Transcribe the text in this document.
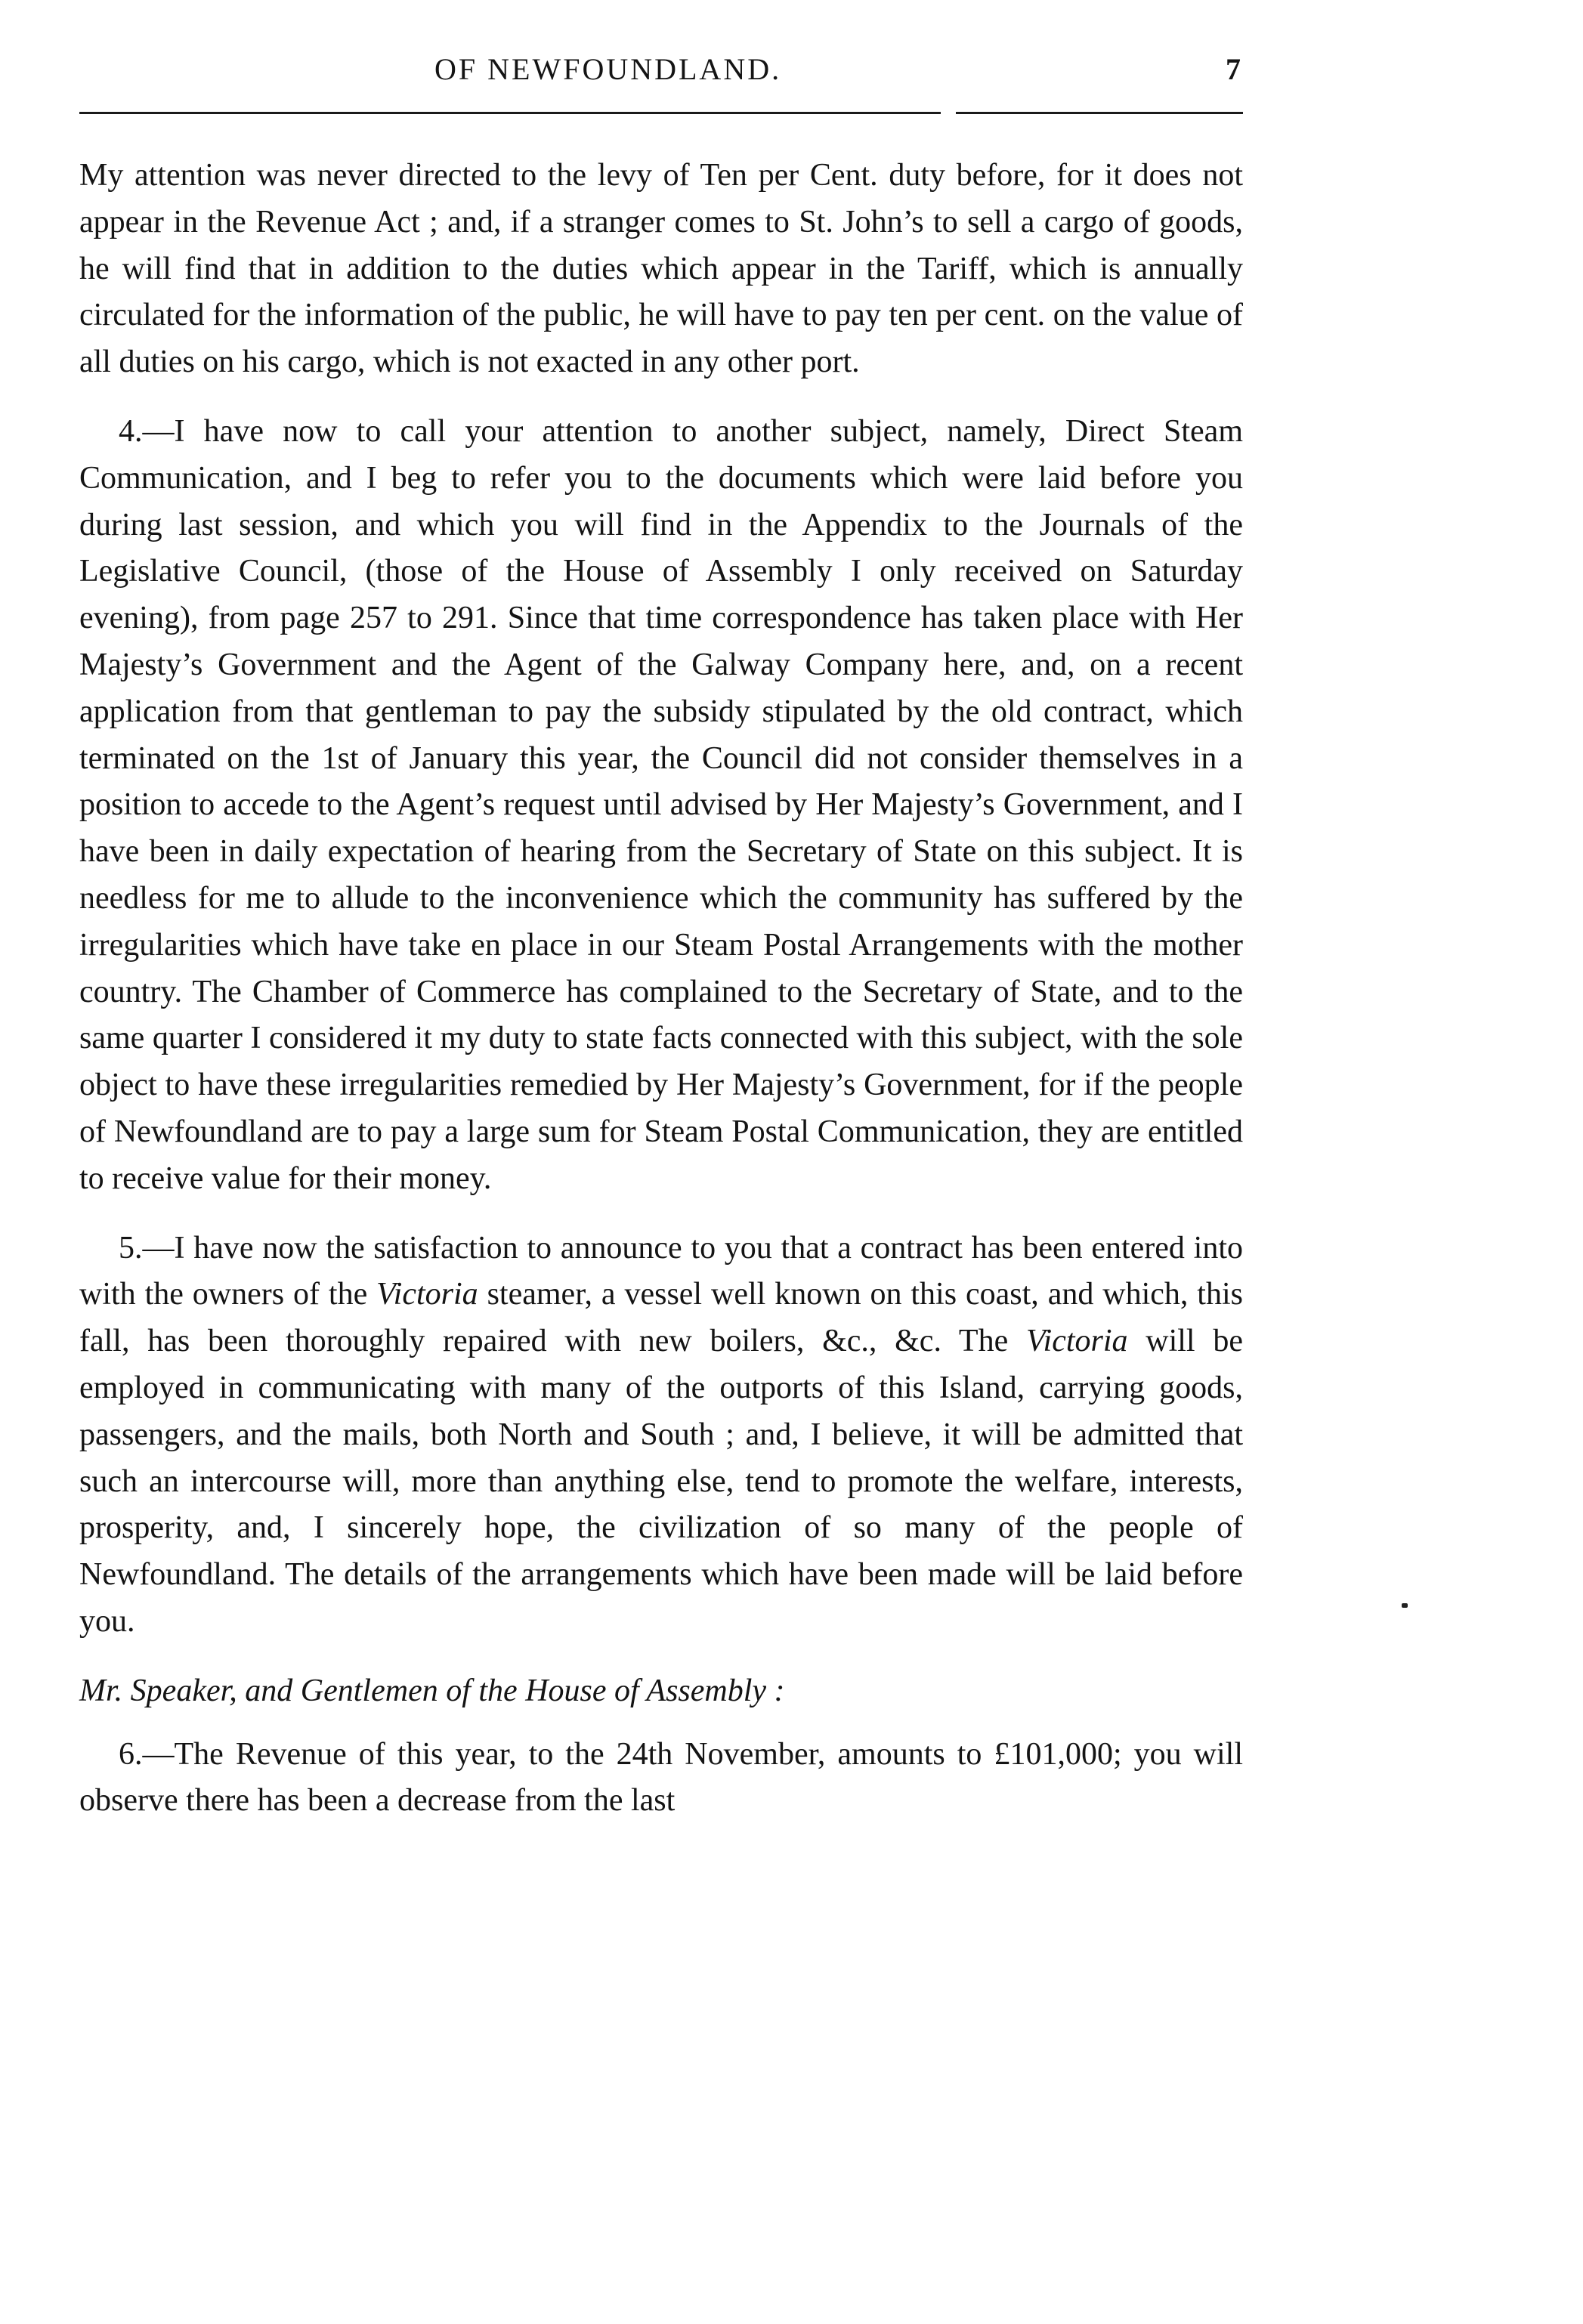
OF NEWFOUNDLAND.	7

My attention was never directed to the levy of Ten per Cent. duty before, for it does not appear in the Revenue Act ; and, if a stranger comes to St. John’s to sell a cargo of goods, he will find that in addition to the duties which appear in the Tariff, which is annually circulated for the information of the public, he will have to pay ten per cent. on the value of all duties on his cargo, which is not exacted in any other port.

4.—I have now to call your attention to another subject, namely, Direct Steam Communication, and I beg to refer you to the documents which were laid before you during last session, and which you will find in the Appendix to the Journals of the Legislative Council, (those of the House of Assembly I only received on Saturday evening), from page 257 to 291. Since that time correspondence has taken place with Her Majesty’s Government and the Agent of the Galway Company here, and, on a recent application from that gentleman to pay the subsidy stipulated by the old contract, which terminated on the 1st of January this year, the Council did not consider themselves in a position to accede to the Agent’s request until advised by Her Majesty’s Government, and I have been in daily expectation of hearing from the Secretary of State on this subject. It is needless for me to allude to the inconvenience which the community has suffered by the irregularities which have take en place in our Steam Postal Arrangements with the mother country. The Chamber of Commerce has complained to the Secretary of State, and to the same quarter I considered it my duty to state facts connected with this subject, with the sole object to have these irregularities remedied by Her Majesty’s Government, for if the people of Newfoundland are to pay a large sum for Steam Postal Communication, they are entitled to receive value for their money.

5.—I have now the satisfaction to announce to you that a contract has been entered into with the owners of the Victoria steamer, a vessel well known on this coast, and which, this fall, has been thoroughly repaired with new boilers, &c., &c. The Victoria will be employed in communicating with many of the outports of this Island, carrying goods, passengers, and the mails, both North and South ; and, I believe, it will be admitted that such an intercourse will, more than anything else, tend to promote the welfare, interests, prosperity, and, I sincerely hope, the civilization of so many of the people of Newfoundland. The details of the arrangements which have been made will be laid before you.

Mr. Speaker, and Gentlemen of the House of Assembly :

6.—The Revenue of this year, to the 24th November, amounts to £101,000; you will observe there has been a decrease from the last
